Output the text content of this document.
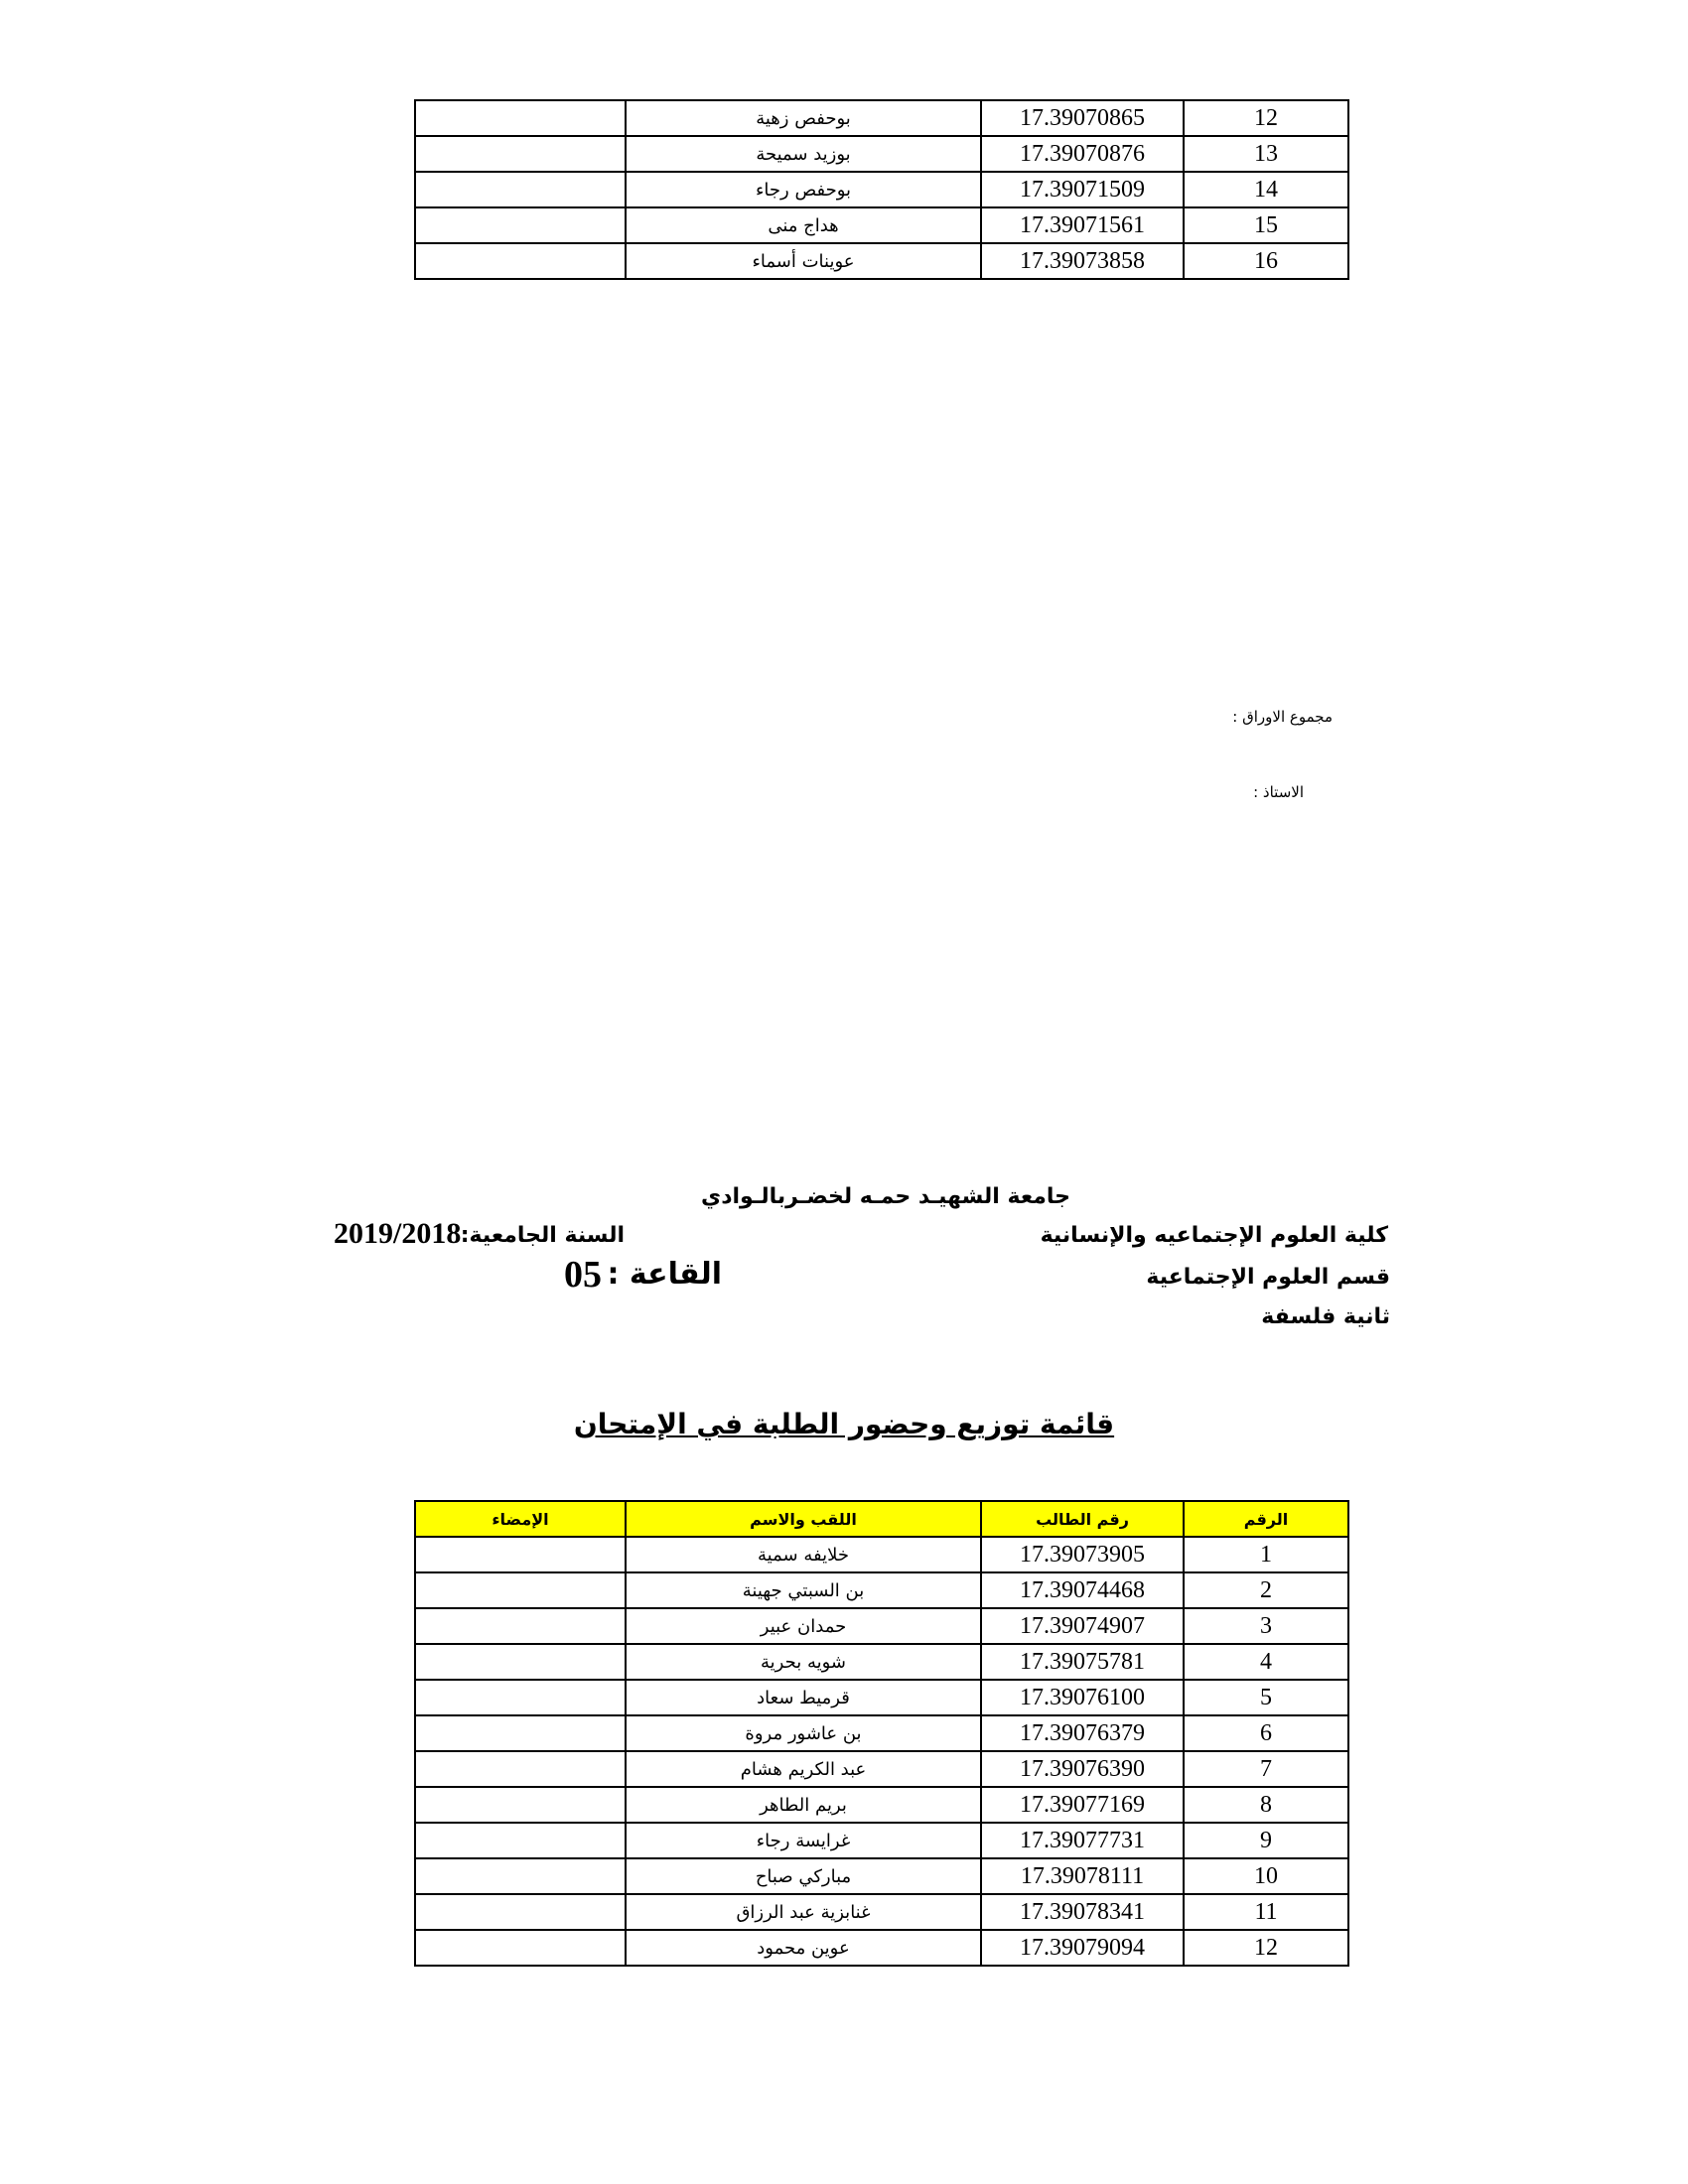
	بوحفص زهية	17.39070865	12
	بوزيد سميحة	17.39070876	13
	بوحفص رجاء	17.39071509	14
	هداج منى	17.39071561	15
	عوينات أسماء	17.39073858	16
مجموع الاوراق :
الاستاذ :
جامعة الشهيـد حمـه لخضـربالـوادي
كلية العلوم الإجتماعيه والإنسانية
السنة الجامعية:
2019/2018
قسم العلوم الإجتماعية
القاعة :
05
ثانية فلسفة
قائمة توزيع وحضور الطلبة في الإمتحان
الإمضاء	اللقب والاسم	رقم الطالب	الرقم
	خلايفه سمية	17.39073905	1
	بن السبتي جهينة	17.39074468	2
	حمدان عبير	17.39074907	3
	شويه بحرية	17.39075781	4
	قرميط سعاد	17.39076100	5
	بن عاشور مروة	17.39076379	6
	عبد الكريم هشام	17.39076390	7
	بريم الطاهر	17.39077169	8
	غرايسة رجاء	17.39077731	9
	مباركي صباح	17.39078111	10
	غنابزية عبد الرزاق	17.39078341	11
	عوين محمود	17.39079094	12
